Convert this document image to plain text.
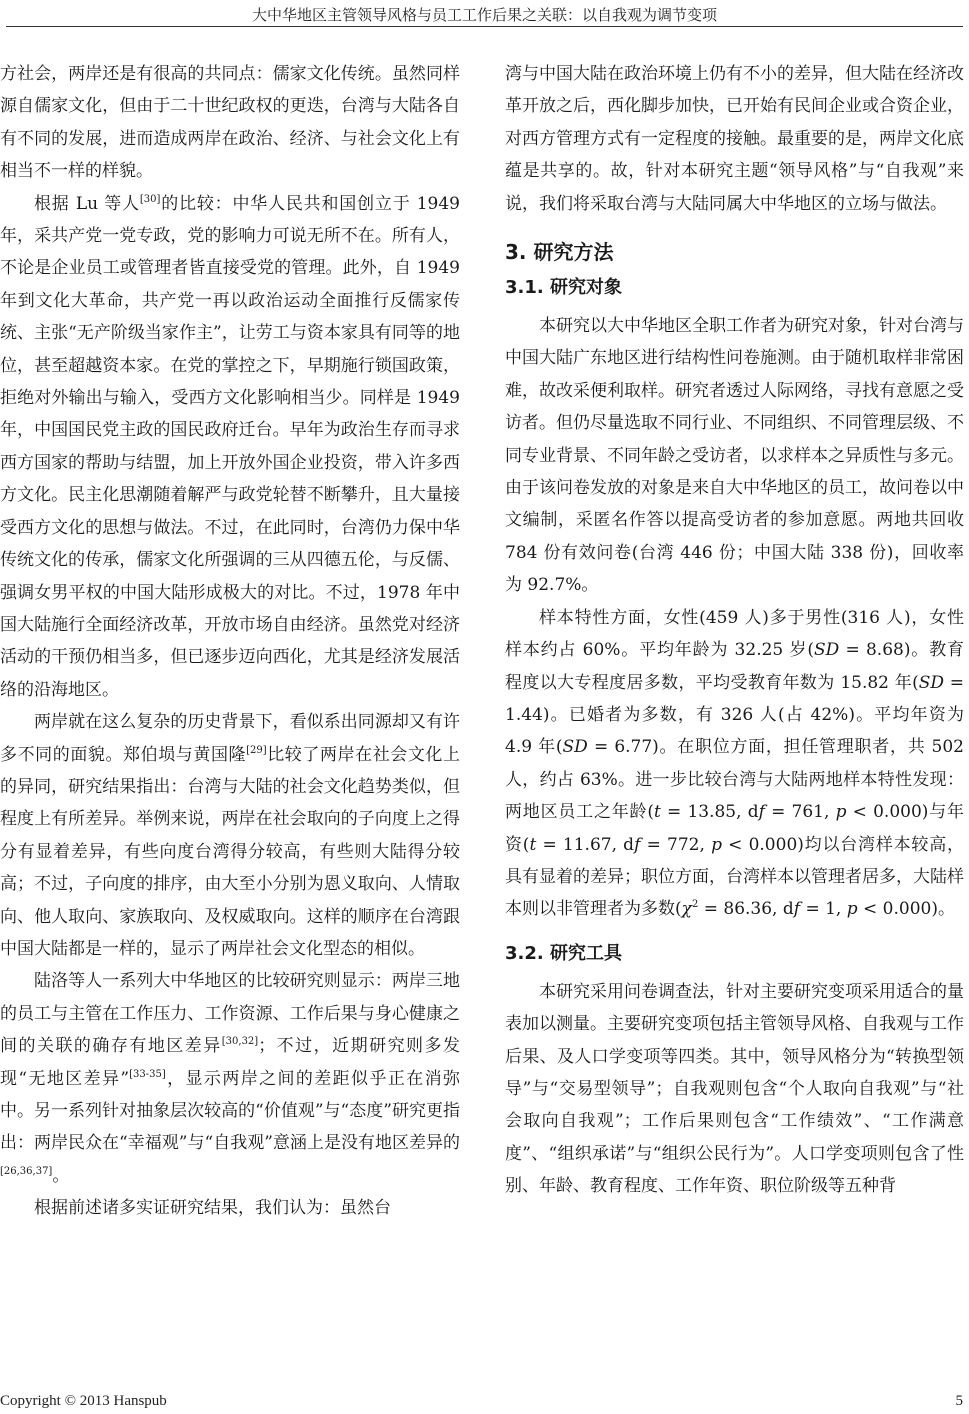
大中华地区主管领导风格与员工工作后果之关联：以自我观为调节变项

方社会，两岸还是有很高的共同点：儒家文化传统。虽然同样源自儒家文化，但由于二十世纪政权的更迭，台湾与大陆各自有不同的发展，进而造成两岸在政治、经济、与社会文化上有相当不一样的样貌。

根据 Lu 等人[30]的比较：中华人民共和国创立于 1949 年，采共产党一党专政，党的影响力可说无所不在。所有人，不论是企业员工或管理者皆直接受党的管理。此外，自 1949 年到文化大革命，共产党一再以政治运动全面推行反儒家传统、主张“无产阶级当家作主”，让劳工与资本家具有同等的地位，甚至超越资本家。在党的掌控之下，早期施行锁国政策，拒绝对外输出与输入，受西方文化影响相当少。同样是 1949 年，中国国民党主政的国民政府迁台。早年为政治生存而寻求西方国家的帮助与结盟，加上开放外国企业投资，带入许多西方文化。民主化思潮随着解严与政党轮替不断攀升，且大量接受西方文化的思想与做法。不过，在此同时，台湾仍力保中华传统文化的传承，儒家文化所强调的三从四德五伦，与反儒、强调女男平权的中国大陆形成极大的对比。不过，1978 年中国大陆施行全面经济改革，开放市场自由经济。虽然党对经济活动的干预仍相当多，但已逐步迈向西化，尤其是经济发展活络的沿海地区。

两岸就在这么复杂的历史背景下，看似系出同源却又有许多不同的面貌。郑伯埙与黄国隆[29]比较了两岸在社会文化上的异同，研究结果指出：台湾与大陆的社会文化趋势类似，但程度上有所差异。举例来说，两岸在社会取向的子向度上之得分有显着差异，有些向度台湾得分较高，有些则大陆得分较高；不过，子向度的排序，由大至小分别为恩义取向、人情取向、他人取向、家族取向、及权威取向。这样的顺序在台湾跟中国大陆都是一样的，显示了两岸社会文化型态的相似。

陆洛等人一系列大中华地区的比较研究则显示：两岸三地的员工与主管在工作压力、工作资源、工作后果与身心健康之间的关联的确存有地区差异[30,32]；不过，近期研究则多发现“无地区差异”[33-35]，显示两岸之间的差距似乎正在消弥中。另一系列针对抽象层次较高的“价值观”与“态度”研究更指出：两岸民众在“幸福观”与“自我观”意涵上是没有地区差异的[26,36,37]。

根据前述诸多实证研究结果，我们认为：虽然台

湾与中国大陆在政治环境上仍有不小的差异，但大陆在经济改革开放之后，西化脚步加快，已开始有民间企业或合资企业，对西方管理方式有一定程度的接触。最重要的是，两岸文化底蕴是共享的。故，针对本研究主题“领导风格”与“自我观”来说，我们将采取台湾与大陆同属大中华地区的立场与做法。

3. 研究方法
3.1. 研究对象

本研究以大中华地区全职工作者为研究对象，针对台湾与中国大陆广东地区进行结构性问卷施测。由于随机取样非常困难，故改采便利取样。研究者透过人际网络，寻找有意愿之受访者。但仍尽量选取不同行业、不同组织、不同管理层级、不同专业背景、不同年龄之受访者，以求样本之异质性与多元。由于该问卷发放的对象是来自大中华地区的员工，故问卷以中文编制，采匿名作答以提高受访者的参加意愿。两地共回收 784 份有效问卷(台湾 446 份；中国大陆 338 份)，回收率为 92.7%。

样本特性方面，女性(459 人)多于男性(316 人)，女性样本约占 60%。平均年龄为 32.25 岁(SD = 8.68)。教育程度以大专程度居多数，平均受教育年数为 15.82 年(SD = 1.44)。已婚者为多数，有 326 人(占 42%)。平均年资为 4.9 年(SD = 6.77)。在职位方面，担任管理职者，共 502 人，约占 63%。进一步比较台湾与大陆两地样本特性发现：两地区员工之年龄(t = 13.85, df = 761, p < 0.000)与年资(t = 11.67, df = 772, p < 0.000)均以台湾样本较高，具有显着的差异；职位方面，台湾样本以管理者居多，大陆样本则以非管理者为多数($\chi^2 = 86.36$, df = 1, p < 0.000)。

3.2. 研究工具

本研究采用问卷调查法，针对主要研究变项采用适合的量表加以测量。主要研究变项包括主管领导风格、自我观与工作后果、及人口学变项等四类。其中，领导风格分为“转换型领导”与“交易型领导”；自我观则包含“个人取向自我观”与“社会取向自我观”；工作后果则包含“工作绩效”、“工作满意度”、“组织承诺”与“组织公民行为”。人口学变项则包含了性别、年龄、教育程度、工作年资、职位阶级等五种背

Copyright © 2013 Hanspub	5
